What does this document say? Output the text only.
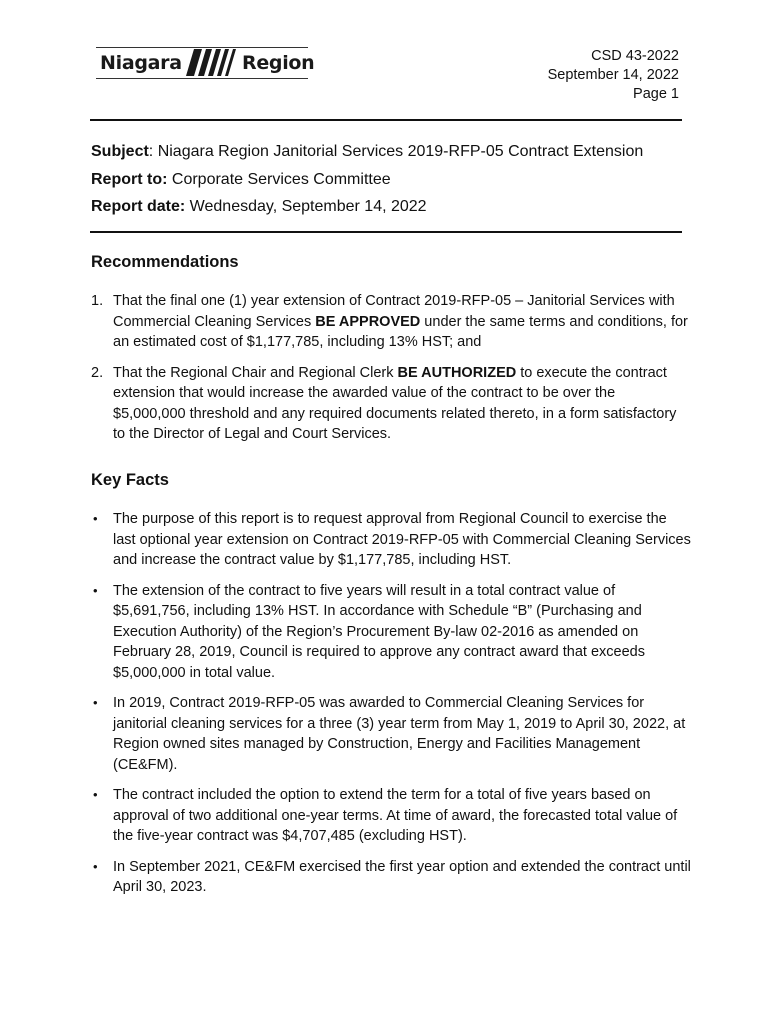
Niagara	Region	CSD 43-2022
September 14, 2022
Page 1
Subject: Niagara Region Janitorial Services 2019-RFP-05 Contract Extension
Report to: Corporate Services Committee
Report date: Wednesday, September 14, 2022
Recommendations
1. That the final one (1) year extension of Contract 2019-RFP-05 – Janitorial Services with Commercial Cleaning Services BE APPROVED under the same terms and conditions, for an estimated cost of $1,177,785, including 13% HST; and
2. That the Regional Chair and Regional Clerk BE AUTHORIZED to execute the contract extension that would increase the awarded value of the contract to be over the $5,000,000 threshold and any required documents related thereto, in a form satisfactory to the Director of Legal and Court Services.
Key Facts
• The purpose of this report is to request approval from Regional Council to exercise the last optional year extension on Contract 2019-RFP-05 with Commercial Cleaning Services and increase the contract value by $1,177,785, including HST.
• The extension of the contract to five years will result in a total contract value of $5,691,756, including 13% HST. In accordance with Schedule “B” (Purchasing and Execution Authority) of the Region’s Procurement By-law 02-2016 as amended on February 28, 2019, Council is required to approve any contract award that exceeds $5,000,000 in total value.
• In 2019, Contract 2019-RFP-05 was awarded to Commercial Cleaning Services for janitorial cleaning services for a three (3) year term from May 1, 2019 to April 30, 2022, at Region owned sites managed by Construction, Energy and Facilities Management (CE&FM).
• The contract included the option to extend the term for a total of five years based on approval of two additional one-year terms. At time of award, the forecasted total value of the five-year contract was $4,707,485 (excluding HST).
• In September 2021, CE&FM exercised the first year option and extended the contract until April 30, 2023.
